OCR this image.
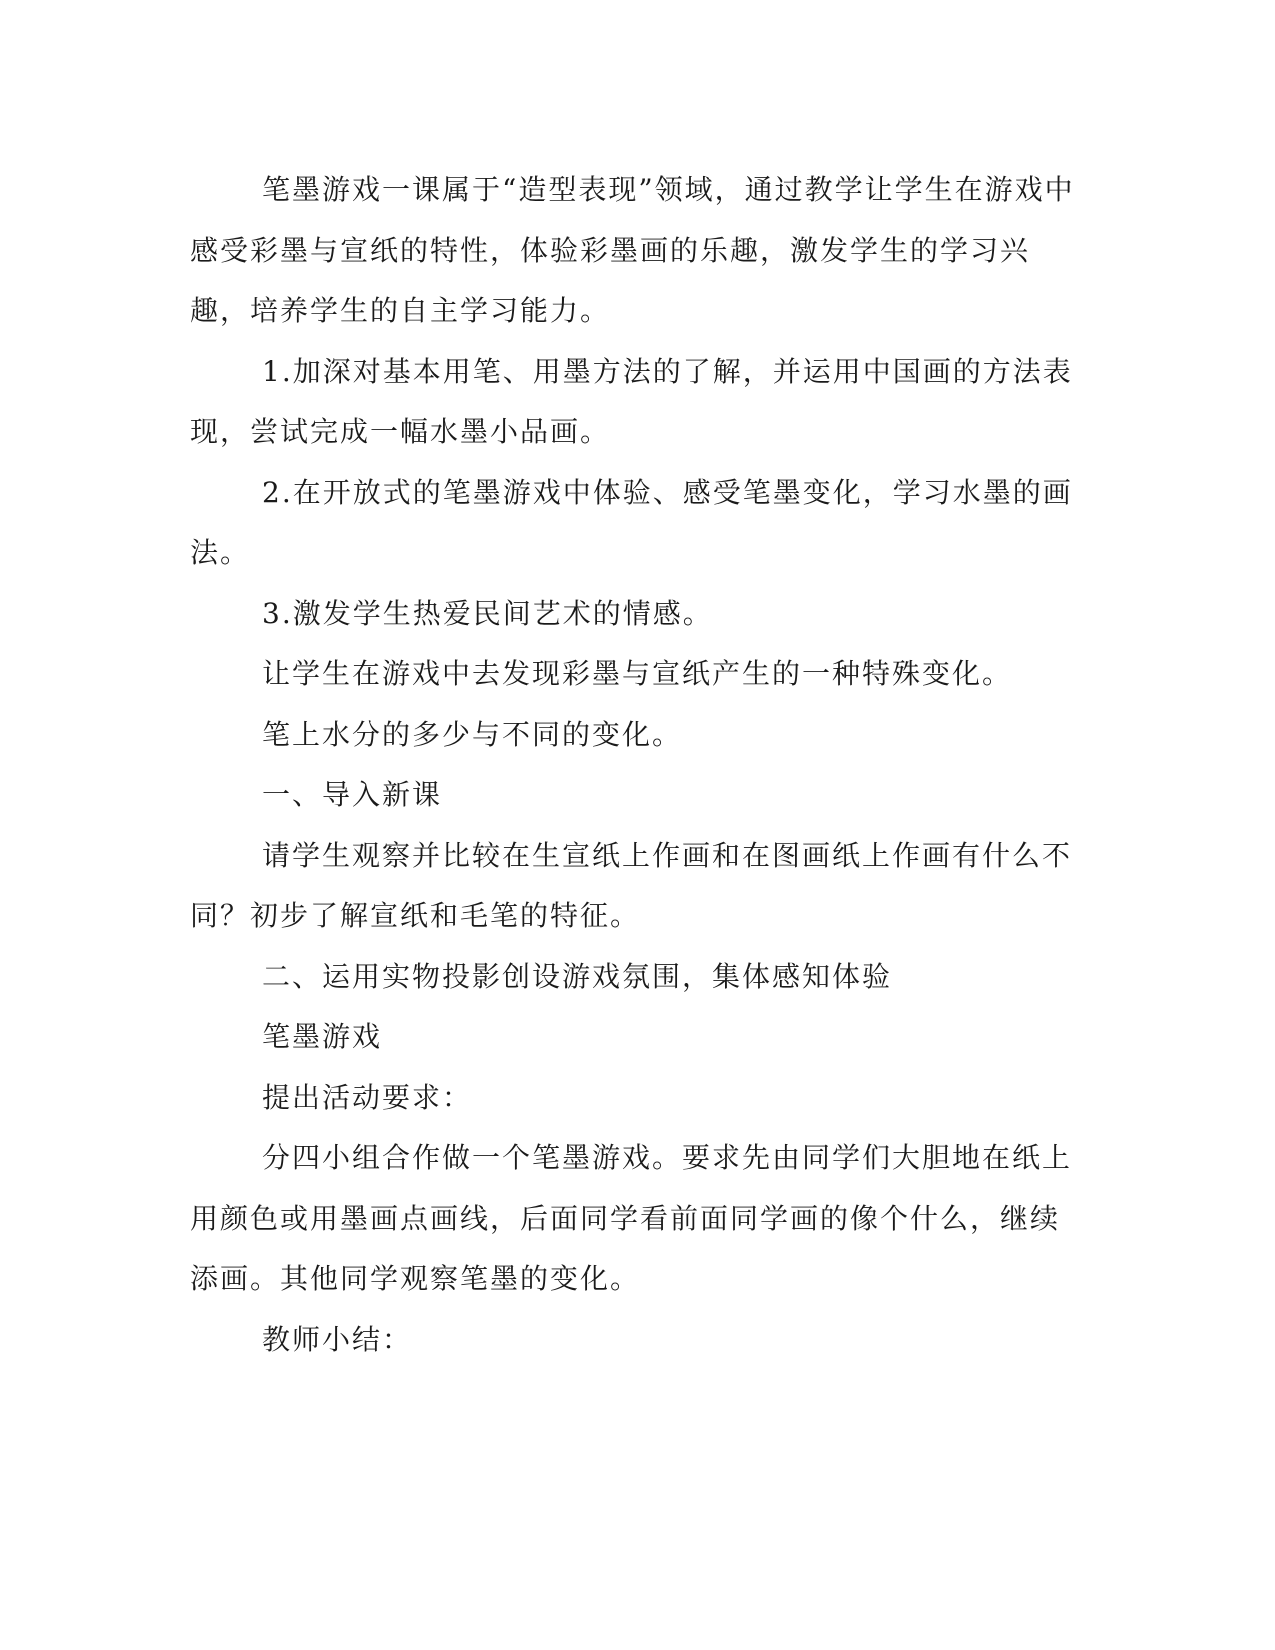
笔墨游戏一课属于“造型表现”领域，通过教学让学生在游戏中感受彩墨与宣纸的特性，体验彩墨画的乐趣，激发学生的学习兴趣，培养学生的自主学习能力。

1.加深对基本用笔、用墨方法的了解，并运用中国画的方法表现，尝试完成一幅水墨小品画。

2.在开放式的笔墨游戏中体验、感受笔墨变化，学习水墨的画法。

3.激发学生热爱民间艺术的情感。

让学生在游戏中去发现彩墨与宣纸产生的一种特殊变化。

笔上水分的多少与不同的变化。

一、导入新课

请学生观察并比较在生宣纸上作画和在图画纸上作画有什么不同？初步了解宣纸和毛笔的特征。

二、运用实物投影创设游戏氛围，集体感知体验

笔墨游戏

提出活动要求：

分四小组合作做一个笔墨游戏。要求先由同学们大胆地在纸上用颜色或用墨画点画线，后面同学看前面同学画的像个什么，继续添画。其他同学观察笔墨的变化。

教师小结：
